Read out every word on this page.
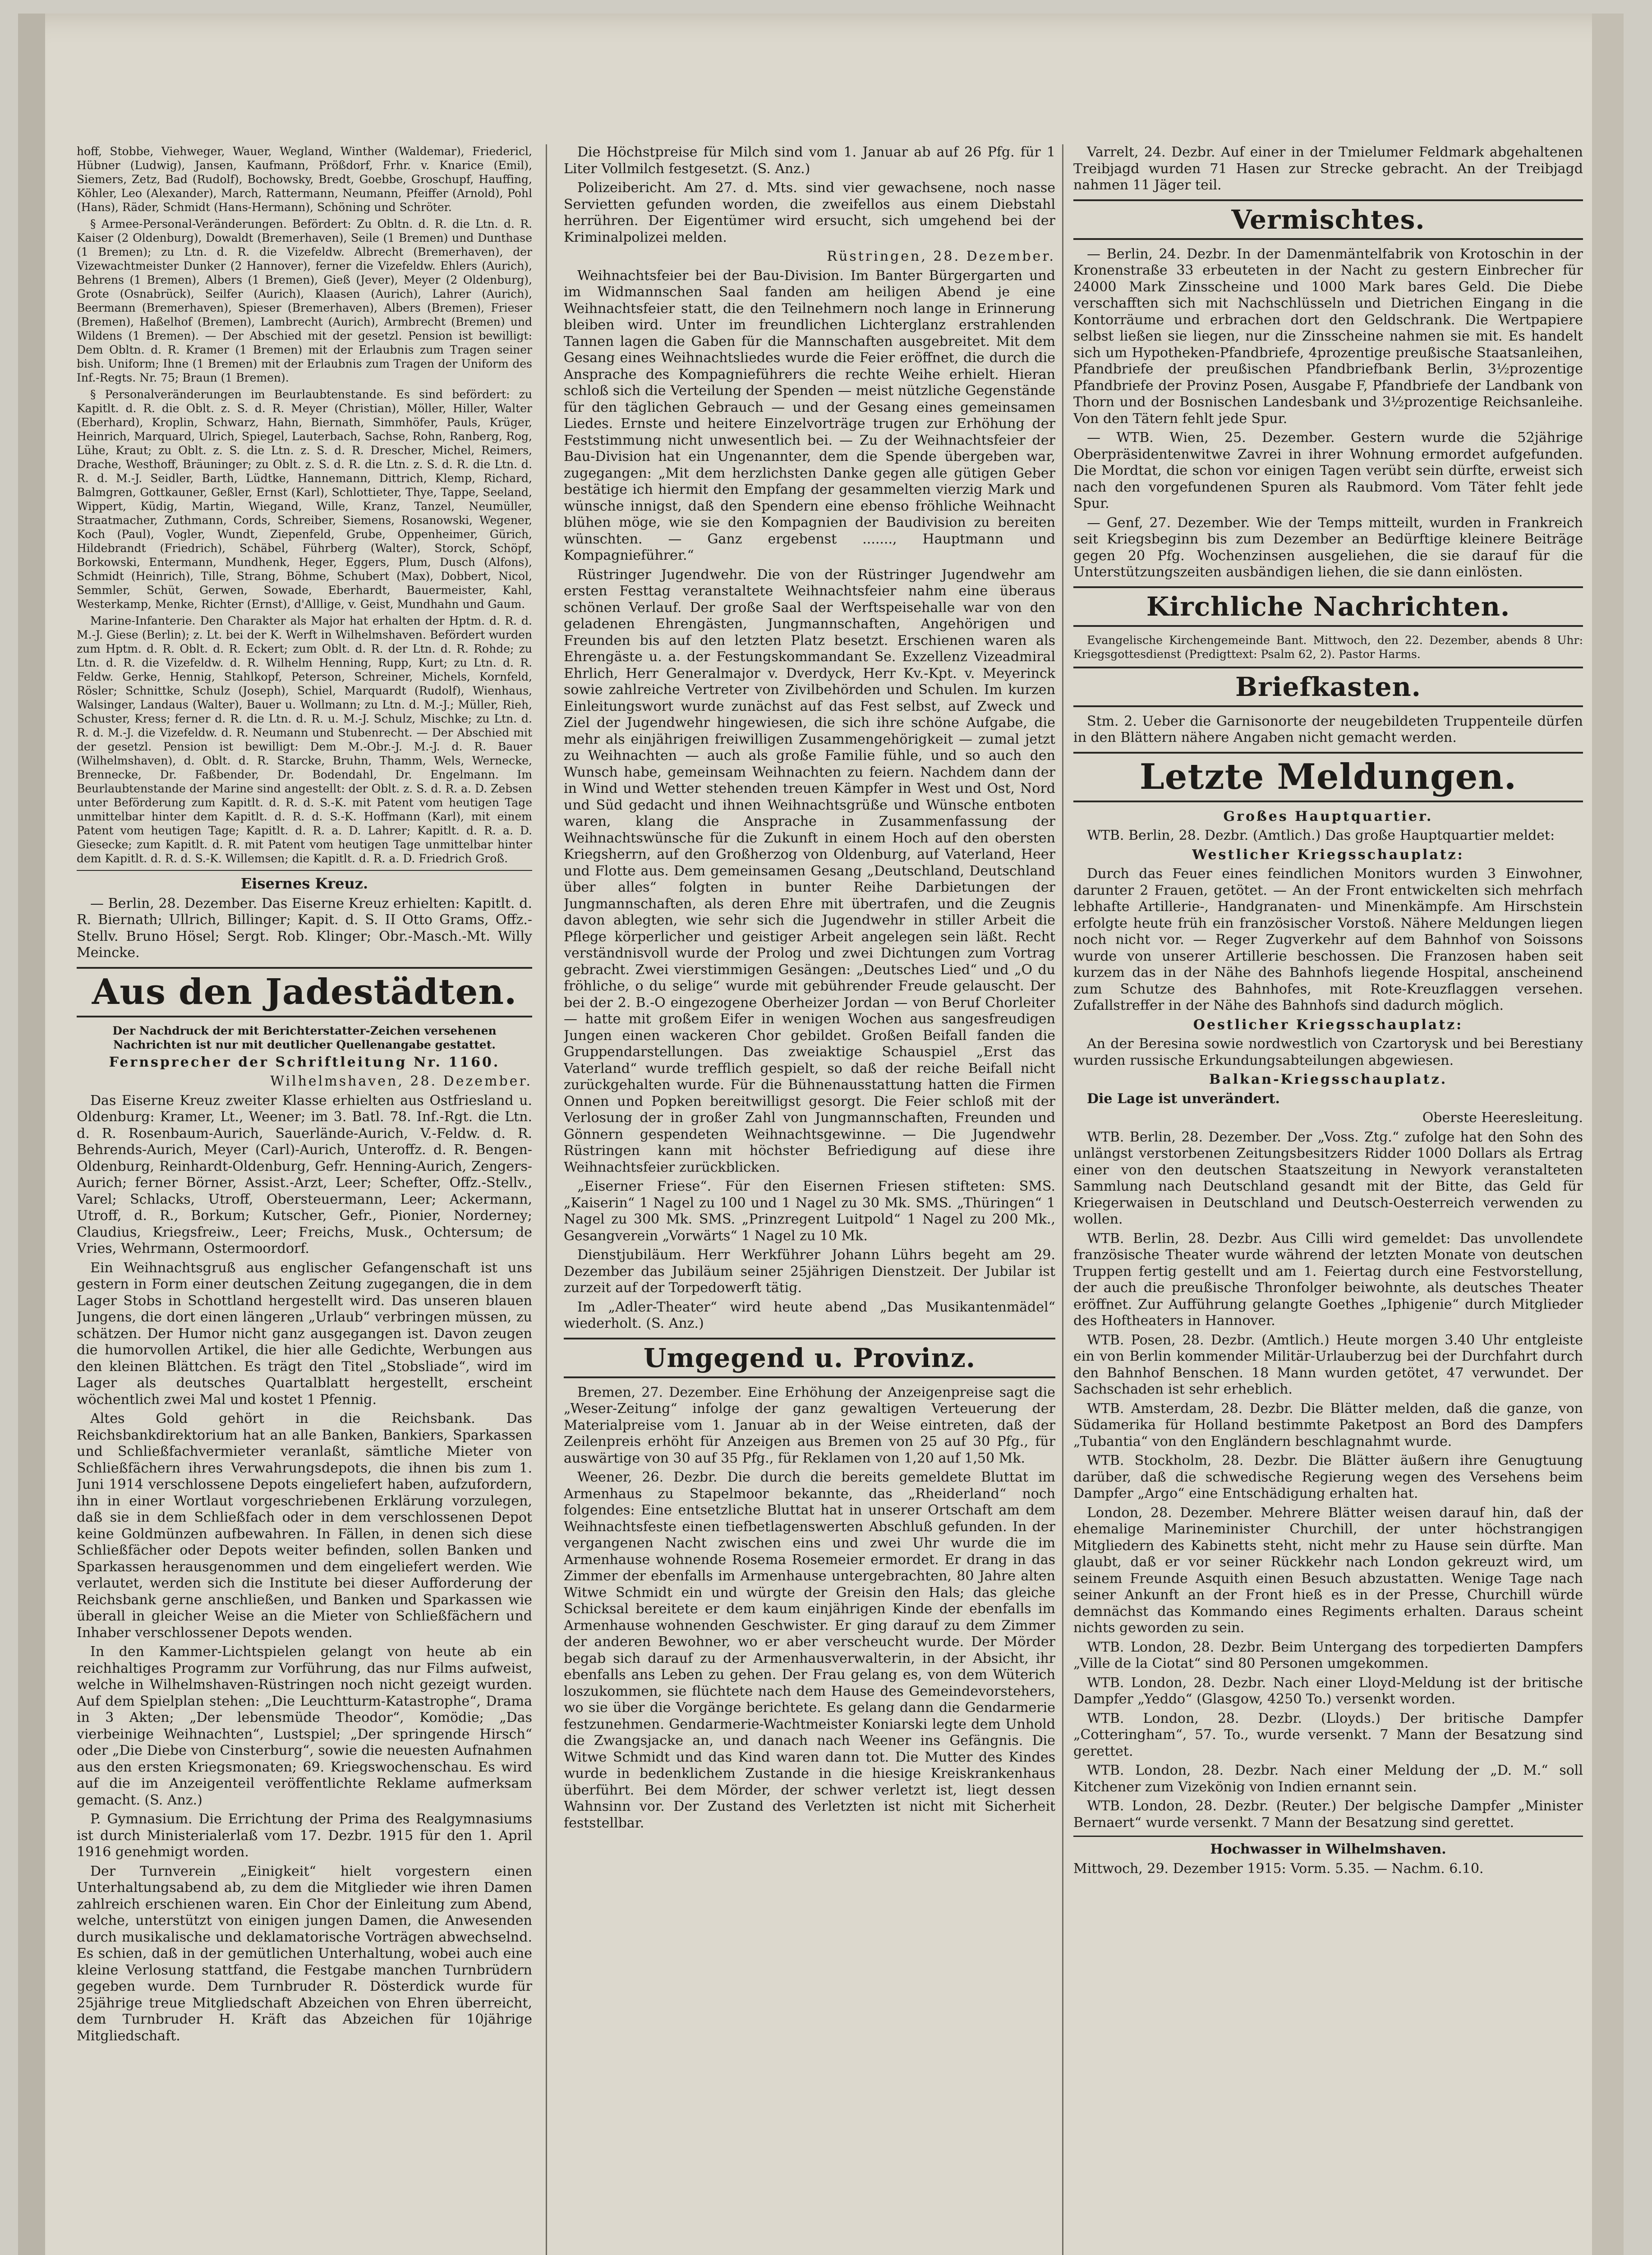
hoff, Stobbe, Viehweger, Wauer, Wegland, Winther (Waldemar), Friedericl, Hübner (Ludwig), Jansen, Kaufmann, Prößdorf, Frhr. v. Knarice (Emil), Siemers, Zetz, Bad (Rudolf), Bochowsky, Bredt, Goebbe, Groschupf, Hauffing, Köhler, Leo (Alexander), March, Rattermann, Neumann, Pfeiffer (Arnold), Pohl (Hans), Räder, Schmidt (Hans-Hermann), Schöning und Schröter.

§ Armee-Personal-Veränderungen. Befördert: Zu Obltn. d. R. die Ltn. d. R. Kaiser (2 Oldenburg), Dowaldt (Bremerhaven), Seile (1 Bremen) und Dunthase (1 Bremen); zu Ltn. d. R. die Vizefeldw. Albrecht (Bremerhaven), der Vizewachtmeister Dunker (2 Hannover), ferner die Vizefeldw. Ehlers (Aurich), Behrens (1 Bremen), Albers (1 Bremen), Gieß (Jever), Meyer (2 Oldenburg), Grote (Osnabrück), Seilfer (Aurich), Klaasen (Aurich), Lahrer (Aurich), Beermann (Bremerhaven), Spieser (Bremerhaven), Albers (Bremen), Frieser (Bremen), Haßelhof (Bremen), Lambrecht (Aurich), Armbrecht (Bremen) und Wildens (1 Bremen). — Der Abschied mit der gesetzl. Pension ist bewilligt: Dem Obltn. d. R. Kramer (1 Bremen) mit der Erlaubnis zum Tragen seiner bish. Uniform; Ihne (1 Bremen) mit der Erlaubnis zum Tragen der Uniform des Inf.-Regts. Nr. 75; Braun (1 Bremen).

§ Personalveränderungen im Beurlaubtenstande. Es sind befördert: zu Kapitlt. d. R. die Oblt. z. S. d. R. Meyer (Christian), Möller, Hiller, Walter (Eberhard), Kroplin, Schwarz, Hahn, Biernath, Simmhöfer, Pauls, Krüger, Heinrich, Marquard, Ulrich, Spiegel, Lauterbach, Sachse, Rohn, Ranberg, Rog, Lühe, Kraut; zu Oblt. z. S. die Ltn. z. S. d. R. Drescher, Michel, Reimers, Drache, Westhoff, Bräuninger; zu Oblt. z. S. d. R. die Ltn. z. S. d. R. die Ltn. d. R. d. M.-J. Seidler, Barth, Lüdtke, Hannemann, Dittrich, Klemp, Richard, Balmgren, Gottkauner, Geßler, Ernst (Karl), Schlottieter, Thye, Tappe, Seeland, Wippert, Küdig, Martin, Wiegand, Wille, Kranz, Tanzel, Neumüller, Straatmacher, Zuthmann, Cords, Schreiber, Siemens, Rosanowski, Wegener, Koch (Paul), Vogler, Wundt, Ziepenfeld, Grube, Oppenheimer, Gürich, Hildebrandt (Friedrich), Schäbel, Führberg (Walter), Storck, Schöpf, Borkowski, Entermann, Mundhenk, Heger, Eggers, Plum, Dusch (Alfons), Schmidt (Heinrich), Tille, Strang, Böhme, Schubert (Max), Dobbert, Nicol, Semmler, Schüt, Gerwen, Sowade, Eberhardt, Bauermeister, Kahl, Westerkamp, Menke, Richter (Ernst), d'Alllige, v. Geist, Mundhahn und Gaum.

Marine-Infanterie. Den Charakter als Major hat erhalten der Hptm. d. R. d. M.-J. Giese (Berlin); z. Lt. bei der K. Werft in Wilhelmshaven. Befördert wurden zum Hptm. d. R. Oblt. d. R. Eckert; zum Oblt. d. R. der Ltn. d. R. Rohde; zu Ltn. d. R. die Vizefeldw. d. R. Wilhelm Henning, Rupp, Kurt; zu Ltn. d. R. Feldw. Gerke, Hennig, Stahlkopf, Peterson, Schreiner, Michels, Kornfeld, Rösler; Schnittke, Schulz (Joseph), Schiel, Marquardt (Rudolf), Wienhaus, Walsinger, Landaus (Walter), Bauer u. Wollmann; zu Ltn. d. M.-J.; Müller, Rieh, Schuster, Kress; ferner d. R. die Ltn. d. R. u. M.-J. Schulz, Mischke; zu Ltn. d. R. d. M.-J. die Vizefeldw. d. R. Neumann und Stubenrecht. — Der Abschied mit der gesetzl. Pension ist bewilligt: Dem M.-Obr.-J. M.-J. d. R. Bauer (Wilhelmshaven), d. Oblt. d. R. Starcke, Bruhn, Thamm, Wels, Wernecke, Brennecke, Dr. Faßbender, Dr. Bodendahl, Dr. Engelmann. Im Beurlaubtenstande der Marine sind angestellt: der Oblt. z. S. d. R. a. D. Zebsen unter Beförderung zum Kapitlt. d. R. d. S.-K. mit Patent vom heutigen Tage unmittelbar hinter dem Kapitlt. d. R. d. S.-K. Hoffmann (Karl), mit einem Patent vom heutigen Tage; Kapitlt. d. R. a. D. Lahrer; Kapitlt. d. R. a. D. Giesecke; zum Kapitlt. d. R. mit Patent vom heutigen Tage unmittelbar hinter dem Kapitlt. d. R. d. S.-K. Willemsen; die Kapitlt. d. R. a. D. Friedrich Groß.

Eisernes Kreuz.

— Berlin, 28. Dezember. Das Eiserne Kreuz erhielten: Kapitlt. d. R. Biernath; Ullrich, Billinger; Kapit. d. S. II Otto Grams, Offz.-Stellv. Bruno Hösel; Sergt. Rob. Klinger; Obr.-Masch.-Mt. Willy Meincke.

Aus den Jadestädten.

Der Nachdruck der mit Berichterstatter-Zeichen versehenen Nachrichten ist nur mit deutlicher Quellenangabe gestattet.

Fernsprecher der Schriftleitung Nr. 1160.

Wilhelmshaven, 28. Dezember.

Das Eiserne Kreuz zweiter Klasse erhielten aus Ostfriesland u. Oldenburg: Kramer, Lt., Weener; im 3. Batl. 78. Inf.-Rgt. die Ltn. d. R. Rosenbaum-Aurich, Sauerlände-Aurich, V.-Feldw. d. R. Behrends-Aurich, Meyer (Carl)-Aurich, Unteroffz. d. R. Bengen-Oldenburg, Reinhardt-Oldenburg, Gefr. Henning-Aurich, Zengers-Aurich; ferner Börner, Assist.-Arzt, Leer; Schefter, Offz.-Stellv., Varel; Schlacks, Utroff, Obersteuermann, Leer; Ackermann, Utroff, d. R., Borkum; Kutscher, Gefr., Pionier, Norderney; Claudius, Kriegsfreiw., Leer; Freichs, Musk., Ochtersum; de Vries, Wehrmann, Ostermoordorf.

Ein Weihnachtsgruß aus englischer Gefangenschaft ist uns gestern in Form einer deutschen Zeitung zugegangen, die in dem Lager Stobs in Schottland hergestellt wird. Das unseren blauen Jungens, die dort einen längeren „Urlaub“ verbringen müssen, zu schätzen. Der Humor nicht ganz ausgegangen ist. Davon zeugen die humorvollen Artikel, die hier alle Gedichte, Werbungen aus den kleinen Blättchen. Es trägt den Titel „Stobsliade“, wird im Lager als deutsches Quartalblatt hergestellt, erscheint wöchentlich zwei Mal und kostet 1 Pfennig.

Altes Gold gehört in die Reichsbank. Das Reichsbankdirektorium hat an alle Banken, Bankiers, Sparkassen und Schließfachvermieter veranlaßt, sämtliche Mieter von Schließfächern ihres Verwahrungsdepots, die ihnen bis zum 1. Juni 1914 verschlossene Depots eingeliefert haben, aufzufordern, ihn in einer Wortlaut vorgeschriebenen Erklärung vorzulegen, daß sie in dem Schließfach oder in dem verschlossenen Depot keine Goldmünzen aufbewahren. In Fällen, in denen sich diese Schließfächer oder Depots weiter befinden, sollen Banken und Sparkassen herausgenommen und dem eingeliefert werden. Wie verlautet, werden sich die Institute bei dieser Aufforderung der Reichsbank gerne anschließen, und Banken und Sparkassen wie überall in gleicher Weise an die Mieter von Schließfächern und Inhaber verschlossener Depots wenden.

In den Kammer-Lichtspielen gelangt von heute ab ein reichhaltiges Programm zur Vorführung, das nur Films aufweist, welche in Wilhelmshaven-Rüstringen noch nicht gezeigt wurden. Auf dem Spielplan stehen: „Die Leuchtturm-Katastrophe“, Drama in 3 Akten; „Der lebensmüde Theodor“, Komödie; „Das vierbeinige Weihnachten“, Lustspiel; „Der springende Hirsch“ oder „Die Diebe von Cinsterburg“, sowie die neuesten Aufnahmen aus den ersten Kriegsmonaten; 69. Kriegswochenschau. Es wird auf die im Anzeigenteil veröffentlichte Reklame aufmerksam gemacht. (S. Anz.)

P. Gymnasium. Die Errichtung der Prima des Realgymnasiums ist durch Ministerialerlaß vom 17. Dezbr. 1915 für den 1. April 1916 genehmigt worden.

Der Turnverein „Einigkeit“ hielt vorgestern einen Unterhaltungsabend ab, zu dem die Mitglieder wie ihren Damen zahlreich erschienen waren. Ein Chor der Einleitung zum Abend, welche, unterstützt von einigen jungen Damen, die Anwesenden durch musikalische und deklamatorische Vorträgen abwechselnd. Es schien, daß in der gemütlichen Unterhaltung, wobei auch eine kleine Verlosung stattfand, die Festgabe manchen Turnbrüdern gegeben wurde. Dem Turnbruder R. Dösterdick wurde für 25jährige treue Mitgliedschaft Abzeichen von Ehren überreicht, dem Turnbruder H. Kräft das Abzeichen für 10jährige Mitgliedschaft.

Die Höchstpreise für Milch sind vom 1. Januar ab auf 26 Pfg. für 1 Liter Vollmilch festgesetzt. (S. Anz.)

Polizeibericht. Am 27. d. Mts. sind vier gewachsene, noch nasse Servietten gefunden worden, die zweifellos aus einem Diebstahl herrühren. Der Eigentümer wird ersucht, sich umgehend bei der Kriminalpolizei melden.

Rüstringen, 28. Dezember.

Weihnachtsfeier bei der Bau-Division. Im Banter Bürgergarten und im Widmannschen Saal fanden am heiligen Abend je eine Weihnachtsfeier statt, die den Teilnehmern noch lange in Erinnerung bleiben wird. Unter im freundlichen Lichterglanz erstrahlenden Tannen lagen die Gaben für die Mannschaften ausgebreitet. Mit dem Gesang eines Weihnachtsliedes wurde die Feier eröffnet, die durch die Ansprache des Kompagnieführers die rechte Weihe erhielt. Hieran schloß sich die Verteilung der Spenden — meist nützliche Gegenstände für den täglichen Gebrauch — und der Gesang eines gemeinsamen Liedes. Ernste und heitere Einzelvorträge trugen zur Erhöhung der Feststimmung nicht unwesentlich bei. — Zu der Weihnachtsfeier der Bau-Division hat ein Ungenannter, dem die Spende übergeben war, zugegangen: „Mit dem herzlichsten Danke gegen alle gütigen Geber bestätige ich hiermit den Empfang der gesammelten vierzig Mark und wünsche innigst, daß den Spendern eine ebenso fröhliche Weihnacht blühen möge, wie sie den Kompagnien der Baudivision zu bereiten wünschten. — Ganz ergebenst ......., Hauptmann und Kompagnieführer.“

Rüstringer Jugendwehr. Die von der Rüstringer Jugendwehr am ersten Festtag veranstaltete Weihnachtsfeier nahm eine überaus schönen Verlauf. Der große Saal der Werftspeisehalle war von den geladenen Ehrengästen, Jungmannschaften, Angehörigen und Freunden bis auf den letzten Platz besetzt. Erschienen waren als Ehrengäste u. a. der Festungskommandant Se. Exzellenz Vizeadmiral Ehrlich, Herr Generalmajor v. Dverdyck, Herr Kv.-Kpt. v. Meyerinck sowie zahlreiche Vertreter von Zivilbehörden und Schulen. Im kurzen Einleitungswort wurde zunächst auf das Fest selbst, auf Zweck und Ziel der Jugendwehr hingewiesen, die sich ihre schöne Aufgabe, die mehr als einjährigen freiwilligen Zusammengehörigkeit — zumal jetzt zu Weihnachten — auch als große Familie fühle, und so auch den Wunsch habe, gemeinsam Weihnachten zu feiern. Nachdem dann der in Wind und Wetter stehenden treuen Kämpfer in West und Ost, Nord und Süd gedacht und ihnen Weihnachtsgrüße und Wünsche entboten waren, klang die Ansprache in Zusammenfassung der Weihnachtswünsche für die Zukunft in einem Hoch auf den obersten Kriegsherrn, auf den Großherzog von Oldenburg, auf Vaterland, Heer und Flotte aus. Dem gemeinsamen Gesang „Deutschland, Deutschland über alles“ folgten in bunter Reihe Darbietungen der Jungmannschaften, als deren Ehre mit übertrafen, und die Zeugnis davon ablegten, wie sehr sich die Jugendwehr in stiller Arbeit die Pflege körperlicher und geistiger Arbeit angelegen sein läßt. Recht verständnisvoll wurde der Prolog und zwei Dichtungen zum Vortrag gebracht. Zwei vierstimmigen Gesängen: „Deutsches Lied“ und „O du fröhliche, o du selige“ wurde mit gebührender Freude gelauscht. Der bei der 2. B.-O eingezogene Oberheizer Jordan — von Beruf Chorleiter — hatte mit großem Eifer in wenigen Wochen aus sangesfreudigen Jungen einen wackeren Chor gebildet. Großen Beifall fanden die Gruppendarstellungen. Das zweiaktige Schauspiel „Erst das Vaterland“ wurde trefflich gespielt, so daß der reiche Beifall nicht zurückgehalten wurde. Für die Bühnenausstattung hatten die Firmen Onnen und Popken bereitwilligst gesorgt. Die Feier schloß mit der Verlosung der in großer Zahl von Jungmannschaften, Freunden und Gönnern gespendeten Weihnachtsgewinne. — Die Jugendwehr Rüstringen kann mit höchster Befriedigung auf diese ihre Weihnachtsfeier zurückblicken.

„Eiserner Friese“. Für den Eisernen Friesen stifteten: SMS. „Kaiserin“ 1 Nagel zu 100 und 1 Nagel zu 30 Mk. SMS. „Thüringen“ 1 Nagel zu 300 Mk. SMS. „Prinzregent Luitpold“ 1 Nagel zu 200 Mk., Gesangverein „Vorwärts“ 1 Nagel zu 10 Mk.

Dienstjubiläum. Herr Werkführer Johann Lührs begeht am 29. Dezember das Jubiläum seiner 25jährigen Dienstzeit. Der Jubilar ist zurzeit auf der Torpedowerft tätig.

Im „Adler-Theater“ wird heute abend „Das Musikantenmädel“ wiederholt. (S. Anz.)

Umgegend u. Provinz.

Bremen, 27. Dezember. Eine Erhöhung der Anzeigenpreise sagt die „Weser-Zeitung“ infolge der ganz gewaltigen Verteuerung der Materialpreise vom 1. Januar ab in der Weise eintreten, daß der Zeilenpreis erhöht für Anzeigen aus Bremen von 25 auf 30 Pfg., für auswärtige von 30 auf 35 Pfg., für Reklamen von 1,20 auf 1,50 Mk.

Weener, 26. Dezbr. Die durch die bereits gemeldete Bluttat im Armenhaus zu Stapelmoor bekannte, das „Rheiderland“ noch folgendes: Eine entsetzliche Bluttat hat in unserer Ortschaft am dem Weihnachtsfeste einen tiefbetlagenswerten Abschluß gefunden. In der vergangenen Nacht zwischen eins und zwei Uhr wurde die im Armenhause wohnende Rosema Rosemeier ermordet. Er drang in das Zimmer der ebenfalls im Armenhause untergebrachten, 80 Jahre alten Witwe Schmidt ein und würgte der Greisin den Hals; das gleiche Schicksal bereitete er dem kaum einjährigen Kinde der ebenfalls im Armenhause wohnenden Geschwister. Er ging darauf zu dem Zimmer der anderen Bewohner, wo er aber verscheucht wurde. Der Mörder begab sich darauf zu der Armenhausverwalterin, in der Absicht, ihr ebenfalls ans Leben zu gehen. Der Frau gelang es, von dem Wüterich loszukommen, sie flüchtete nach dem Hause des Gemeindevorstehers, wo sie über die Vorgänge berichtete. Es gelang dann die Gendarmerie festzunehmen. Gendarmerie-Wachtmeister Koniarski legte dem Unhold die Zwangsjacke an, und danach nach Weener ins Gefängnis. Die Witwe Schmidt und das Kind waren dann tot. Die Mutter des Kindes wurde in bedenklichem Zustande in die hiesige Kreiskrankenhaus überführt. Bei dem Mörder, der schwer verletzt ist, liegt dessen Wahnsinn vor. Der Zustand des Verletzten ist nicht mit Sicherheit feststellbar.

Varrelt, 24. Dezbr. Auf einer in der Tmielumer Feldmark abgehaltenen Treibjagd wurden 71 Hasen zur Strecke gebracht. An der Treibjagd nahmen 11 Jäger teil.

Vermischtes.

— Berlin, 24. Dezbr. In der Damenmäntelfabrik von Krotoschin in der Kronenstraße 33 erbeuteten in der Nacht zu gestern Einbrecher für 24000 Mark Zinsscheine und 1000 Mark bares Geld. Die Diebe verschafften sich mit Nachschlüsseln und Dietrichen Eingang in die Kontorräume und erbrachen dort den Geldschrank. Die Wertpapiere selbst ließen sie liegen, nur die Zinsscheine nahmen sie mit. Es handelt sich um Hypotheken-Pfandbriefe, 4prozentige preußische Staatsanleihen, Pfandbriefe der preußischen Pfandbriefbank Berlin, 3½prozentige Pfandbriefe der Provinz Posen, Ausgabe F, Pfandbriefe der Landbank von Thorn und der Bosnischen Landesbank und 3½prozentige Reichsanleihe. Von den Tätern fehlt jede Spur.

— WTB. Wien, 25. Dezember. Gestern wurde die 52jährige Oberpräsidentenwitwe Zavrei in ihrer Wohnung ermordet aufgefunden. Die Mordtat, die schon vor einigen Tagen verübt sein dürfte, erweist sich nach den vorgefundenen Spuren als Raubmord. Vom Täter fehlt jede Spur.

— Genf, 27. Dezember. Wie der Temps mitteilt, wurden in Frankreich seit Kriegsbeginn bis zum Dezember an Bedürftige kleinere Beiträge gegen 20 Pfg. Wochenzinsen ausgeliehen, die sie darauf für die Unterstützungszeiten ausbändigen liehen, die sie dann einlösten.

Kirchliche Nachrichten.

Evangelische Kirchengemeinde Bant. Mittwoch, den 22. Dezember, abends 8 Uhr: Kriegsgottesdienst (Predigttext: Psalm 62, 2). Pastor Harms.

Briefkasten.

Stm. 2. Ueber die Garnisonorte der neugebildeten Truppenteile dürfen in den Blättern nähere Angaben nicht gemacht werden.

Letzte Meldungen.

Großes Hauptquartier.

WTB. Berlin, 28. Dezbr. (Amtlich.) Das große Hauptquartier meldet:

Westlicher Kriegsschauplatz:

Durch das Feuer eines feindlichen Monitors wurden 3 Einwohner, darunter 2 Frauen, getötet. — An der Front entwickelten sich mehrfach lebhafte Artillerie-, Handgranaten- und Minenkämpfe. Am Hirschstein erfolgte heute früh ein französischer Vorstoß. Nähere Meldungen liegen noch nicht vor. — Reger Zugverkehr auf dem Bahnhof von Soissons wurde von unserer Artillerie beschossen. Die Franzosen haben seit kurzem das in der Nähe des Bahnhofs liegende Hospital, anscheinend zum Schutze des Bahnhofes, mit Rote-Kreuzflaggen versehen. Zufallstreffer in der Nähe des Bahnhofs sind dadurch möglich.

Oestlicher Kriegsschauplatz:

An der Beresina sowie nordwestlich von Czartorysk und bei Berestiany wurden russische Erkundungsabteilungen abgewiesen.

Balkan-Kriegsschauplatz.

Die Lage ist unverändert.

Oberste Heeresleitung.

WTB. Berlin, 28. Dezember. Der „Voss. Ztg.“ zufolge hat den Sohn des unlängst verstorbenen Zeitungsbesitzers Ridder 1000 Dollars als Ertrag einer von den deutschen Staatszeitung in Newyork veranstalteten Sammlung nach Deutschland gesandt mit der Bitte, das Geld für Kriegerwaisen in Deutschland und Deutsch-Oesterreich verwenden zu wollen.

WTB. Berlin, 28. Dezbr. Aus Cilli wird gemeldet: Das unvollendete französische Theater wurde während der letzten Monate von deutschen Truppen fertig gestellt und am 1. Feiertag durch eine Festvorstellung, der auch die preußische Thronfolger beiwohnte, als deutsches Theater eröffnet. Zur Aufführung gelangte Goethes „Iphigenie“ durch Mitglieder des Hoftheaters in Hannover.

WTB. Posen, 28. Dezbr. (Amtlich.) Heute morgen 3.40 Uhr entgleiste ein von Berlin kommender Militär-Urlauberzug bei der Durchfahrt durch den Bahnhof Benschen. 18 Mann wurden getötet, 47 verwundet. Der Sachschaden ist sehr erheblich.

WTB. Amsterdam, 28. Dezbr. Die Blätter melden, daß die ganze, von Südamerika für Holland bestimmte Paketpost an Bord des Dampfers „Tubantia“ von den Engländern beschlagnahmt wurde.

WTB. Stockholm, 28. Dezbr. Die Blätter äußern ihre Genugtuung darüber, daß die schwedische Regierung wegen des Versehens beim Dampfer „Argo“ eine Entschädigung erhalten hat.

London, 28. Dezember. Mehrere Blätter weisen darauf hin, daß der ehemalige Marineminister Churchill, der unter höchstrangigen Mitgliedern des Kabinetts steht, nicht mehr zu Hause sein dürfte. Man glaubt, daß er vor seiner Rückkehr nach London gekreuzt wird, um seinem Freunde Asquith einen Besuch abzustatten. Wenige Tage nach seiner Ankunft an der Front hieß es in der Presse, Churchill würde demnächst das Kommando eines Regiments erhalten. Daraus scheint nichts geworden zu sein.

WTB. London, 28. Dezbr. Beim Untergang des torpedierten Dampfers „Ville de la Ciotat“ sind 80 Personen umgekommen.

WTB. London, 28. Dezbr. Nach einer Lloyd-Meldung ist der britische Dampfer „Yeddo“ (Glasgow, 4250 To.) versenkt worden.

WTB. London, 28. Dezbr. (Lloyds.) Der britische Dampfer „Cotteringham“, 57. To., wurde versenkt. 7 Mann der Besatzung sind gerettet.

WTB. London, 28. Dezbr. Nach einer Meldung der „D. M.“ soll Kitchener zum Vizekönig von Indien ernannt sein.

WTB. London, 28. Dezbr. (Reuter.) Der belgische Dampfer „Minister Bernaert“ wurde versenkt. 7 Mann der Besatzung sind gerettet.

Hochwasser in Wilhelmshaven.

Mittwoch, 29. Dezember 1915: Vorm. 5.35. — Nachm. 6.10.
